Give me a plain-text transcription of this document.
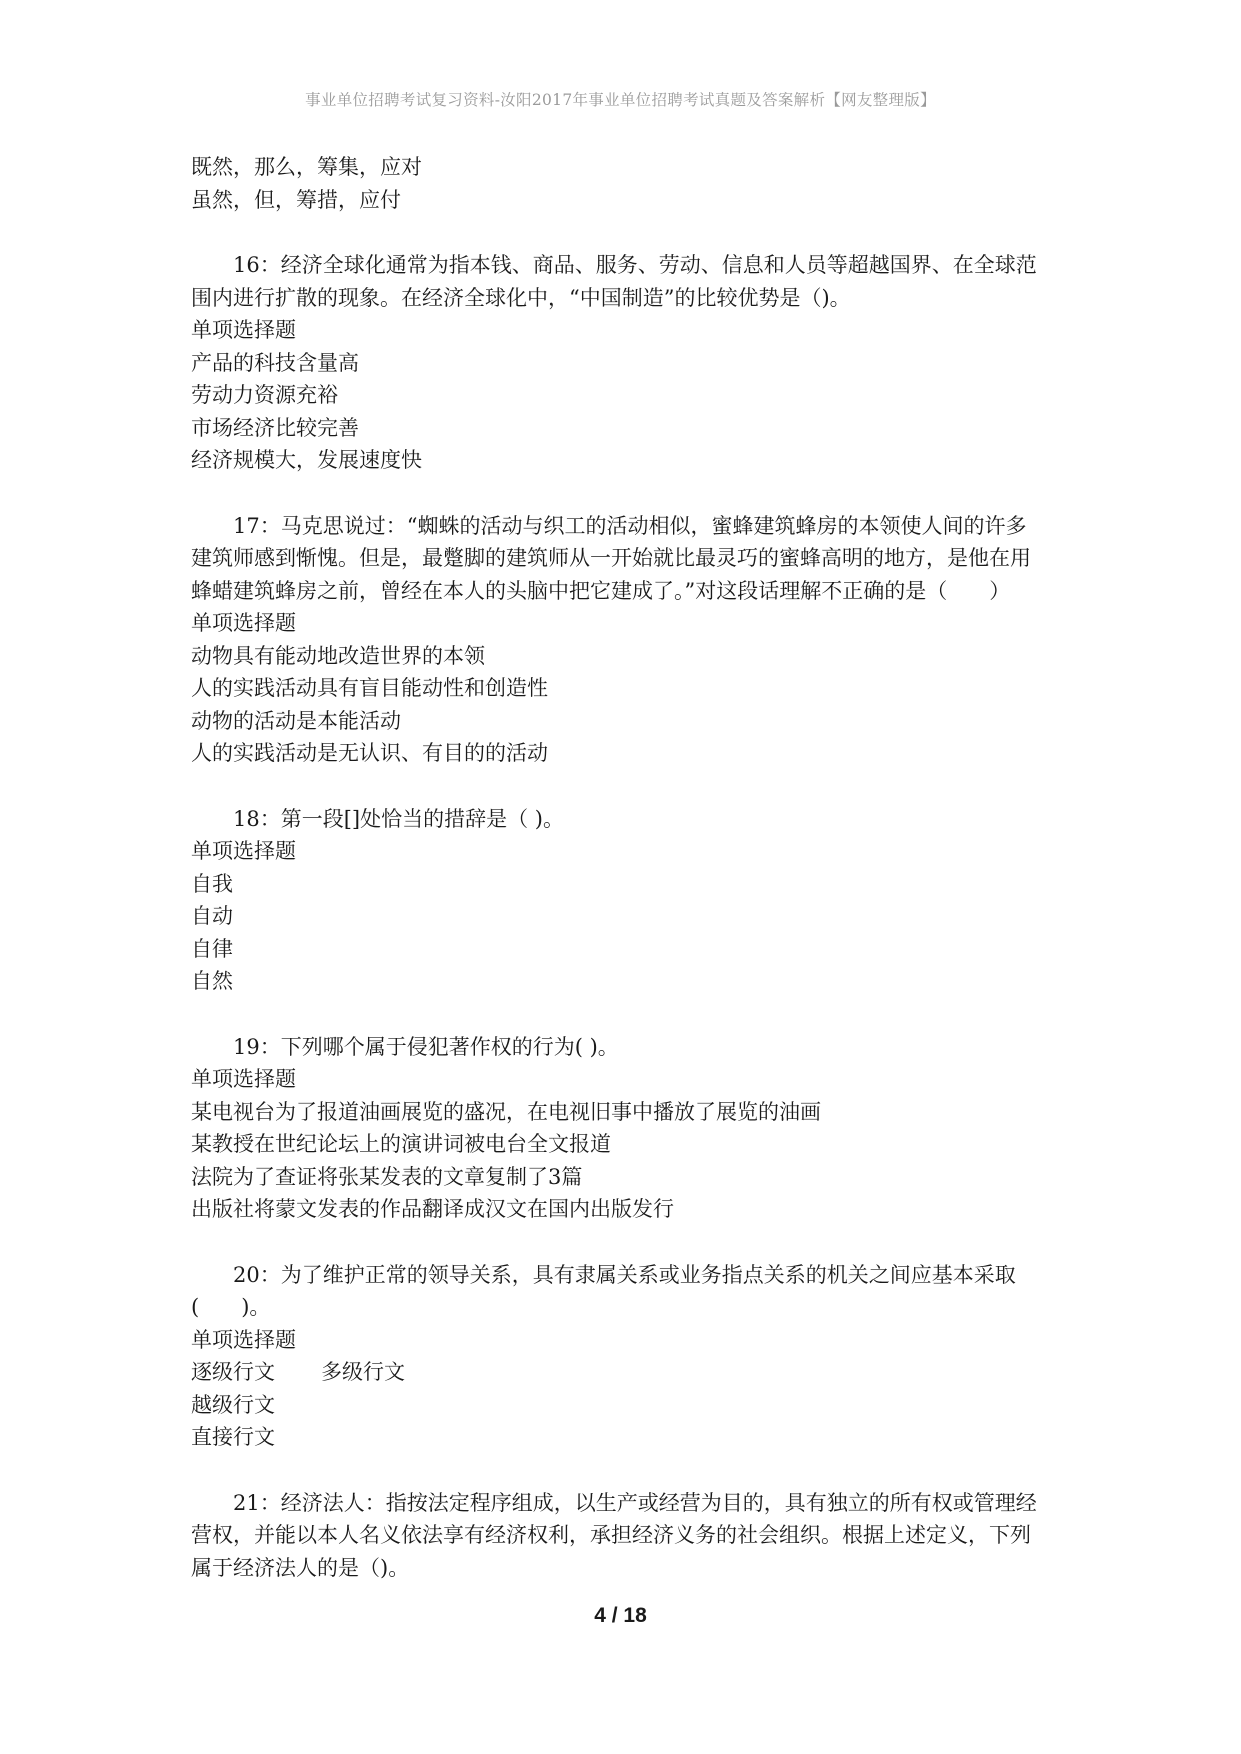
事业单位招聘考试复习资料-汝阳2017年事业单位招聘考试真题及答案解析【网友整理版】
既然，那么，筹集，应对
虽然，但，筹措，应付
16：经济全球化通常为指本钱、商品、服务、劳动、信息和人员等超越国界、在全球范
围内进行扩散的现象。在经济全球化中，“中国制造”的比较优势是（)。
单项选择题
产品的科技含量高
劳动力资源充裕
市场经济比较完善
经济规模大，发展速度快
17：马克思说过：“蜘蛛的活动与织工的活动相似，蜜蜂建筑蜂房的本领使人间的许多
建筑师感到惭愧。但是，最蹩脚的建筑师从一开始就比最灵巧的蜜蜂高明的地方，是他在用
蜂蜡建筑蜂房之前，曾经在本人的头脑中把它建成了。”对这段话理解不正确的是（　　）
单项选择题
动物具有能动地改造世界的本领
人的实践活动具有盲目能动性和创造性
动物的活动是本能活动
人的实践活动是无认识、有目的的活动
18：第一段[]处恰当的措辞是（ )。
单项选择题
自我
自动
自律
自然
19：下列哪个属于侵犯著作权的行为( )。
单项选择题
某电视台为了报道油画展览的盛况，在电视旧事中播放了展览的油画
某教授在世纪论坛上的演讲词被电台全文报道
法院为了查证将张某发表的文章复制了3篇
出版社将蒙文发表的作品翻译成汉文在国内出版发行
20：为了维护正常的领导关系，具有隶属关系或业务指点关系的机关之间应基本采取
(　　)。
单项选择题
逐级行文 多级行文
越级行文
直接行文
21：经济法人：指按法定程序组成，以生产或经营为目的，具有独立的所有权或管理经
营权，并能以本人名义依法享有经济权利，承担经济义务的社会组织。根据上述定义，下列
属于经济法人的是（)。
4 / 18
